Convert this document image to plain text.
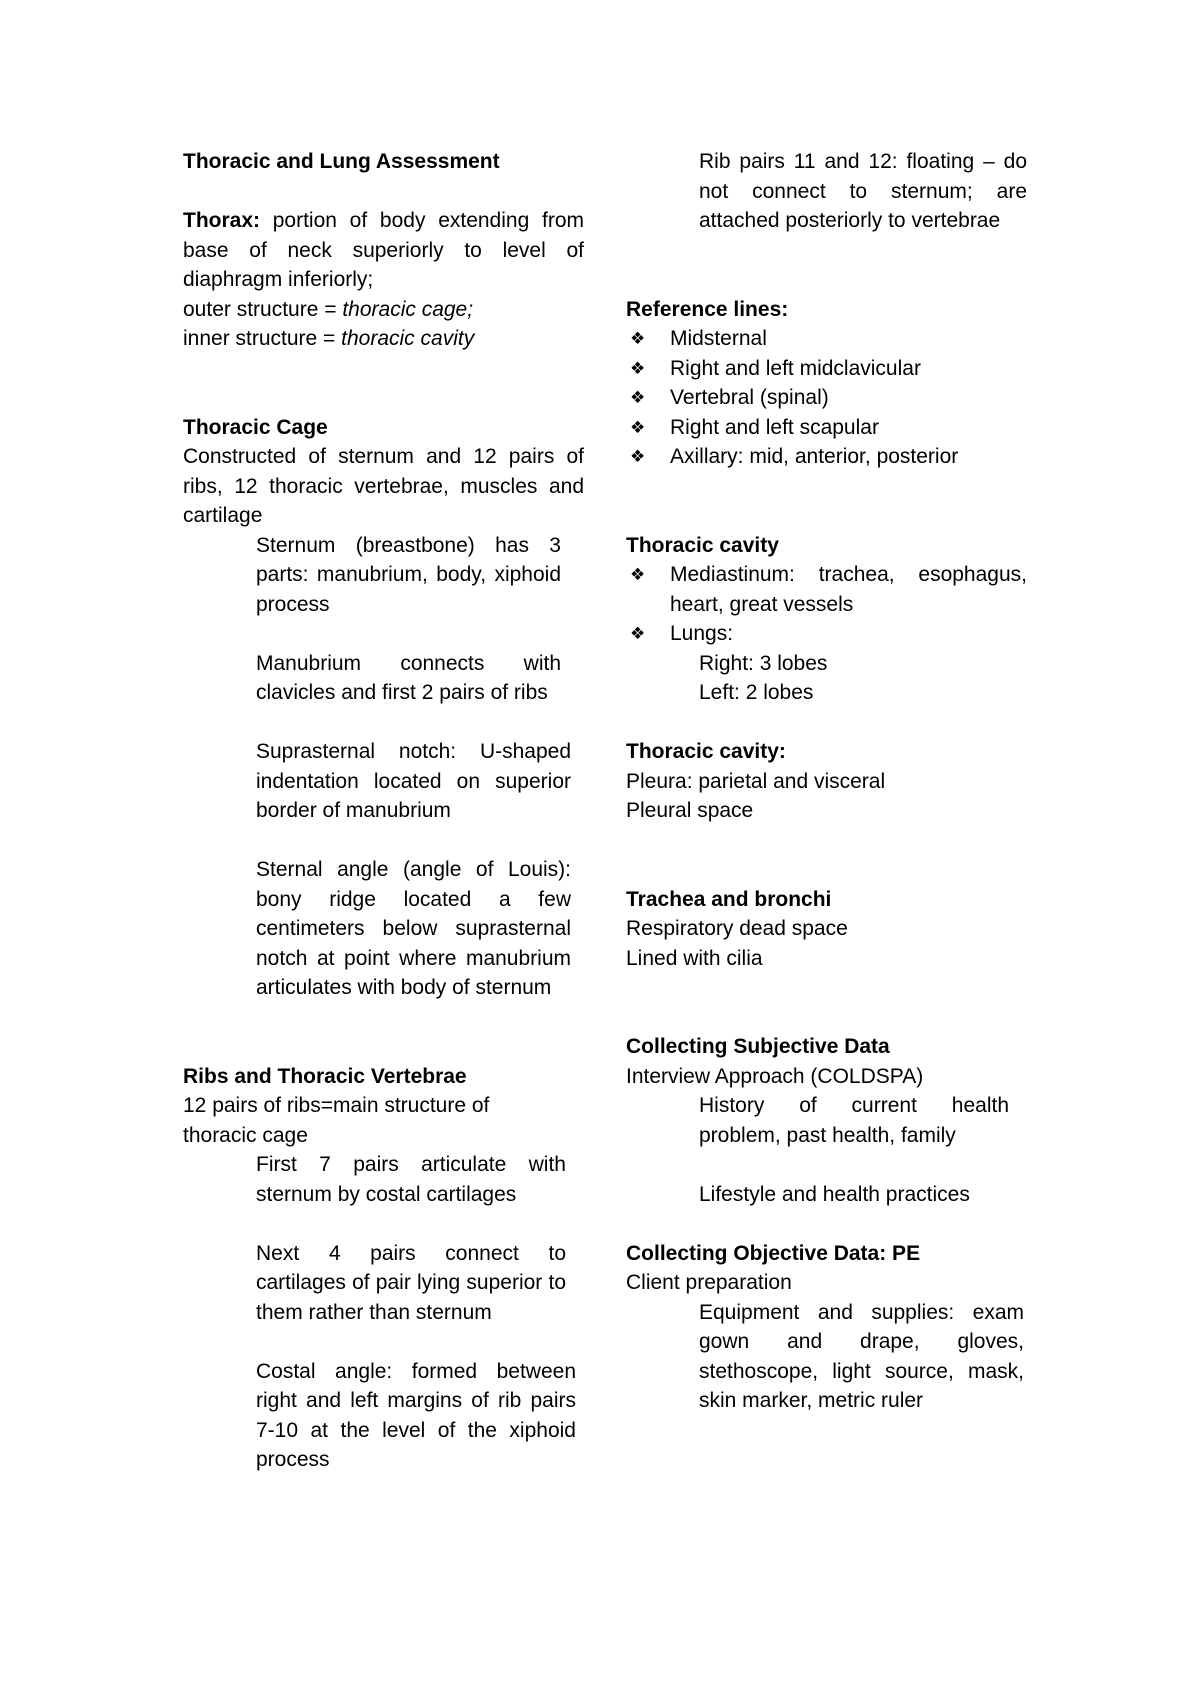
Thoracic and Lung Assessment

Thorax: portion of body extending from base of neck superiorly to level of diaphragm inferiorly;

outer structure = thoracic cage;

inner structure = thoracic cavity

Thoracic Cage

Constructed of sternum and 12 pairs of ribs, 12 thoracic vertebrae, muscles and cartilage

Sternum (breastbone) has 3 parts: manubrium, body, xiphoid process

Manubrium connects with clavicles and first 2 pairs of ribs

Suprasternal notch: U-shaped indentation located on superior border of manubrium

Sternal angle (angle of Louis): bony ridge located a few centimeters below suprasternal notch at point where manubrium articulates with body of sternum

Ribs and Thoracic Vertebrae

12 pairs of ribs=main structure of thoracic cage

First 7 pairs articulate with sternum by costal cartilages

Next 4 pairs connect to cartilages of pair lying superior to them rather than sternum

Costal angle: formed between right and left margins of rib pairs 7-10 at the level of the xiphoid process

Rib pairs 11 and 12: floating – do not connect to sternum; are attached posteriorly to vertebrae

Reference lines:

❖ Midsternal
❖ Right and left midclavicular
❖ Vertebral (spinal)
❖ Right and left scapular
❖ Axillary: mid, anterior, posterior

Thoracic cavity

❖ Mediastinum: trachea, esophagus, heart, great vessels
❖ Lungs:

Right: 3 lobes

Left: 2 lobes

Thoracic cavity:

Pleura: parietal and visceral

Pleural space

Trachea and bronchi

Respiratory dead space

Lined with cilia

Collecting Subjective Data

Interview Approach (COLDSPA)

History of current health problem, past health, family

Lifestyle and health practices

Collecting Objective Data: PE

Client preparation

Equipment and supplies: exam gown and drape, gloves, stethoscope, light source, mask, skin marker, metric ruler
